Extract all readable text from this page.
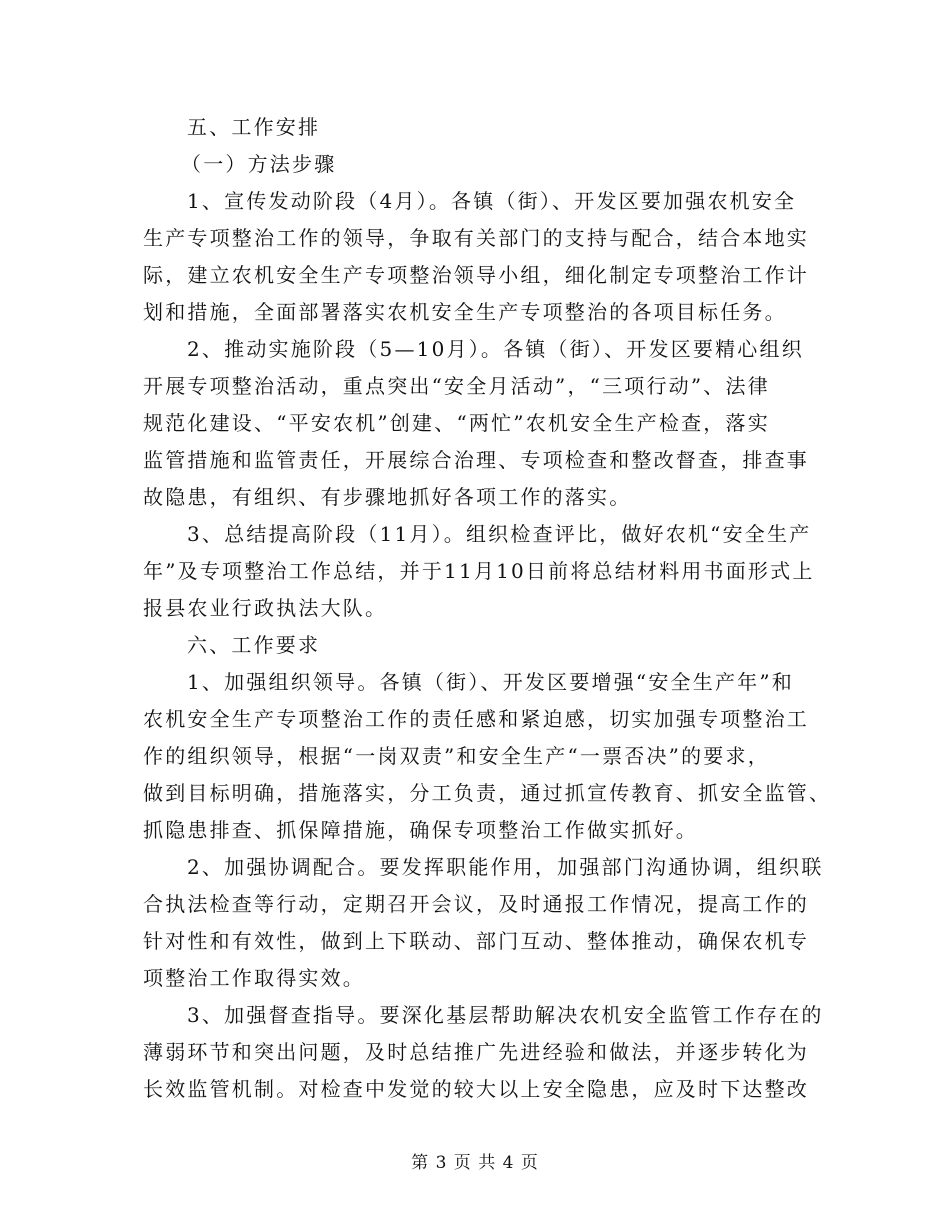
五、工作安排
（一）方法步骤
1、宣传发动阶段（4月）。各镇（街）、开发区要加强农机安全
生产专项整治工作的领导，争取有关部门的支持与配合，结合本地实
际，建立农机安全生产专项整治领导小组，细化制定专项整治工作计
划和措施，全面部署落实农机安全生产专项整治的各项目标任务。
2、推动实施阶段（5—10月）。各镇（街）、开发区要精心组织
开展专项整治活动，重点突出“安全月活动”，“三项行动”、法律
规范化建设、“平安农机”创建、“两忙”农机安全生产检查，落实
监管措施和监管责任，开展综合治理、专项检查和整改督查，排查事
故隐患，有组织、有步骤地抓好各项工作的落实。
3、总结提高阶段（11月）。组织检查评比，做好农机“安全生产
年”及专项整治工作总结，并于11月10日前将总结材料用书面形式上
报县农业行政执法大队。
六、工作要求
1、加强组织领导。各镇（街）、开发区要增强“安全生产年”和
农机安全生产专项整治工作的责任感和紧迫感，切实加强专项整治工
作的组织领导，根据“一岗双责”和安全生产“一票否决”的要求，
做到目标明确，措施落实，分工负责，通过抓宣传教育、抓安全监管、
抓隐患排查、抓保障措施，确保专项整治工作做实抓好。
2、加强协调配合。要发挥职能作用，加强部门沟通协调，组织联
合执法检查等行动，定期召开会议，及时通报工作情况，提高工作的
针对性和有效性，做到上下联动、部门互动、整体推动，确保农机专
项整治工作取得实效。
3、加强督查指导。要深化基层帮助解决农机安全监管工作存在的
薄弱环节和突出问题，及时总结推广先进经验和做法，并逐步转化为
长效监管机制。对检查中发觉的较大以上安全隐患，应及时下达整改
第 3 页 共 4 页
